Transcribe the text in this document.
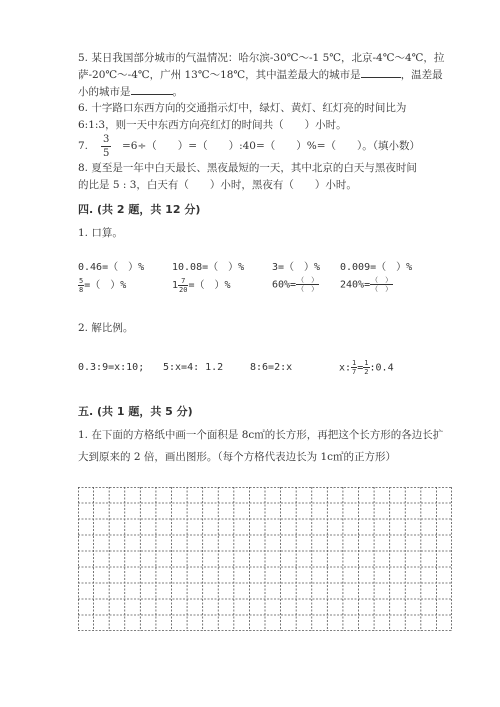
5. 某日我国部分城市的气温情况：哈尔滨-30℃～-1 5℃，北京-4℃～4℃，拉
萨-20℃～-4℃，广州 13℃～18℃，其中温差最大的城市是	，温差最
小的城市是	。
6. 十字路口东西方向的交通指示灯中，绿灯、黄灯、红灯亮的时间比为
6:1:3，则一天中东西方向亮红灯的时间共（　　）小时。
7. $\frac{3}{5} =6\div$（　　）=（　　）:40=（　　）%=（　　）。（填小数）
8. 夏至是一年中白天最长、黑夜最短的一天，其中北京的白天与黑夜时间
的比是 5 : 3，白天有（　　）小时，黑夜有（　　）小时。
四. (共 2 题，共 12 分)
1. 口算。
0.46=（　）%	10.08=（　）%	3=（　）% 0.009=（　）%
$\frac{5}{8}$ =（　）%	$1 \frac{7}{20}$ =（　）%	$60\%= \frac{( )}{( )} 240\%= \frac{( )}{( )}$
2. 解比例。
0.3:9=x:10; 5:x=4: 1.2	8:6=2:x	x: $\frac{1}{7} = \frac{1}{2}$ :0.4
五. (共 1 题，共 5 分)
1. 在下面的方格纸中画一个面积是 8c㎡的长方形，再把这个长方形的各边长扩
大到原来的 2 倍，画出图形。（每个方格代表边长为 1c㎡的正方形）
